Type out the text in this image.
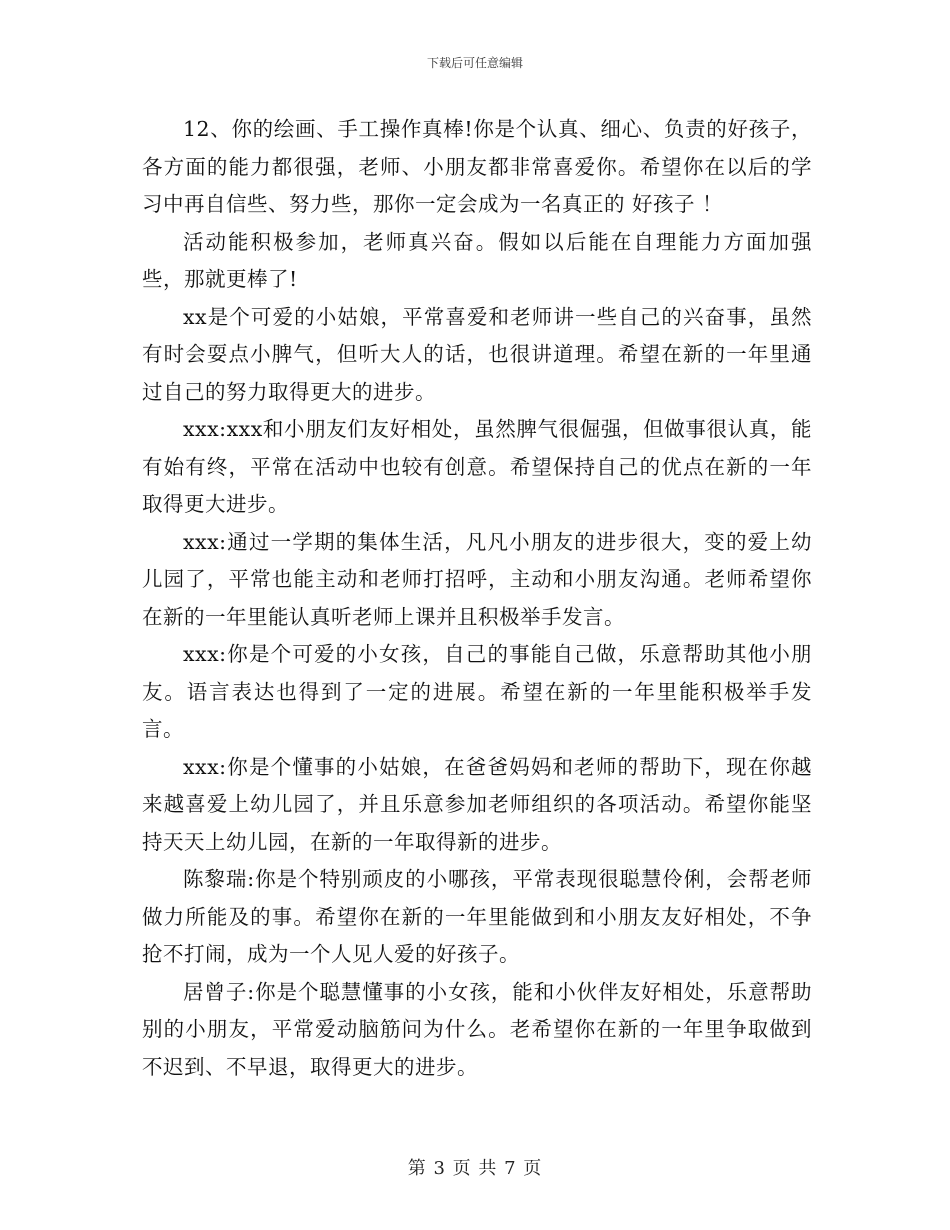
下载后可任意编辑

12、你的绘画、手工操作真棒!你是个认真、细心、负责的好孩子，各方面的能力都很强，老师、小朋友都非常喜爱你。希望你在以后的学习中再自信些、努力些，那你一定会成为一名真正的 好孩子 ！

活动能积极参加，老师真兴奋。假如以后能在自理能力方面加强些，那就更棒了!

xx是个可爱的小姑娘，平常喜爱和老师讲一些自己的兴奋事，虽然有时会耍点小脾气，但听大人的话，也很讲道理。希望在新的一年里通过自己的努力取得更大的进步。

xxx:xxx和小朋友们友好相处，虽然脾气很倔强，但做事很认真，能有始有终，平常在活动中也较有创意。希望保持自己的优点在新的一年取得更大进步。

xxx:通过一学期的集体生活，凡凡小朋友的进步很大，变的爱上幼儿园了，平常也能主动和老师打招呼，主动和小朋友沟通。老师希望你在新的一年里能认真听老师上课并且积极举手发言。

xxx:你是个可爱的小女孩，自己的事能自己做，乐意帮助其他小朋友。语言表达也得到了一定的进展。希望在新的一年里能积极举手发言。

xxx:你是个懂事的小姑娘，在爸爸妈妈和老师的帮助下，现在你越来越喜爱上幼儿园了，并且乐意参加老师组织的各项活动。希望你能坚持天天上幼儿园，在新的一年取得新的进步。

陈黎瑞:你是个特别顽皮的小哪孩，平常表现很聪慧伶俐，会帮老师做力所能及的事。希望你在新的一年里能做到和小朋友友好相处，不争抢不打闹，成为一个人见人爱的好孩子。

居曾子:你是个聪慧懂事的小女孩，能和小伙伴友好相处，乐意帮助别的小朋友，平常爱动脑筋问为什么。老希望你在新的一年里争取做到不迟到、不早退，取得更大的进步。

第 3 页 共 7 页
